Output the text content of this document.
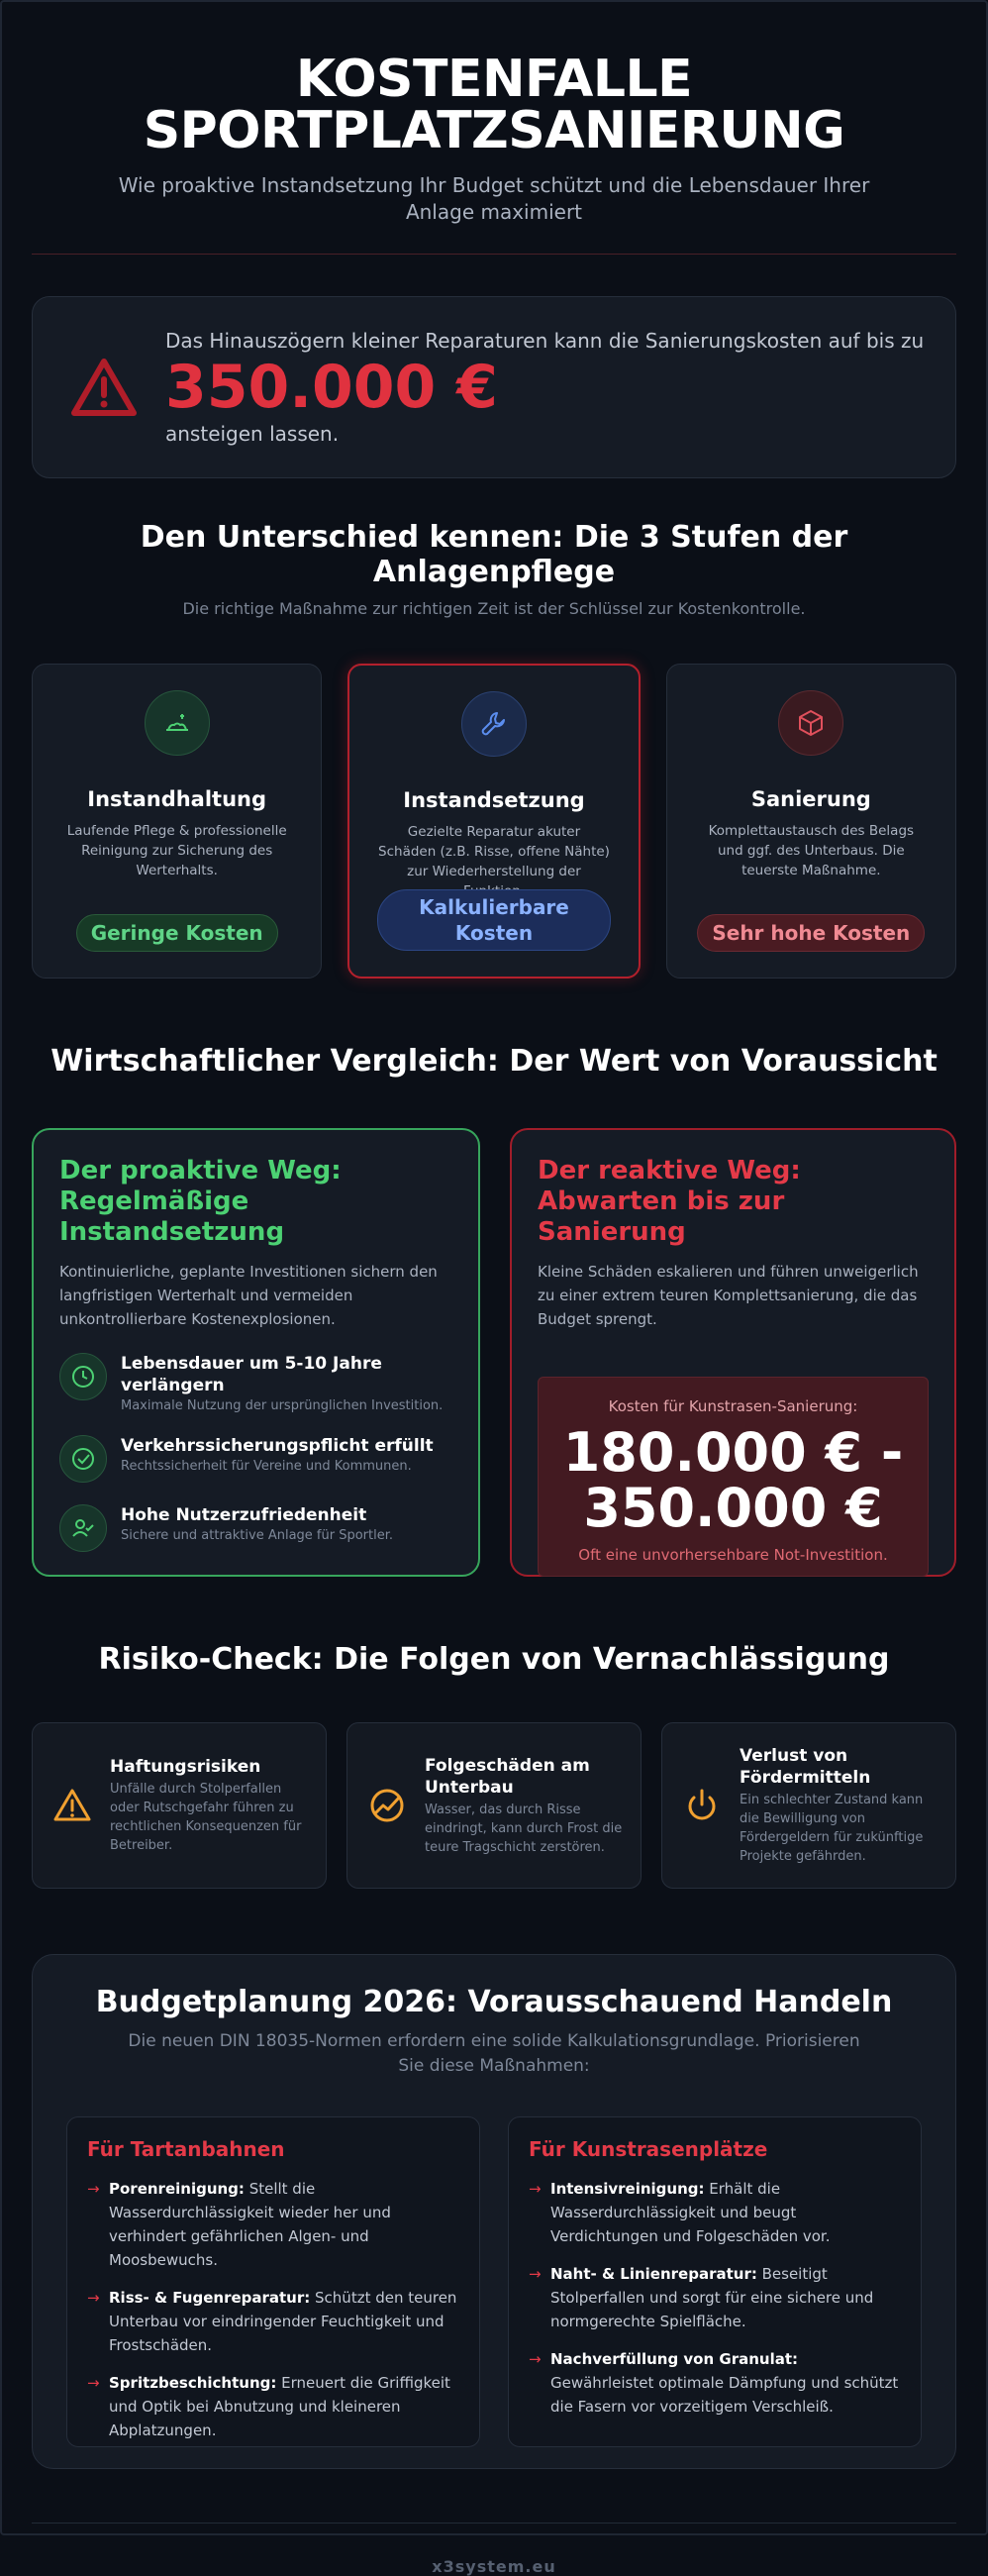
KOSTENFALLE
SPORTPLATZSANIERUNG
Wie proaktive Instandsetzung Ihr Budget schützt und die Lebensdauer Ihrer Anlage maximiert
Das Hinauszögern kleiner Reparaturen kann die Sanierungskosten auf bis zu
350.000 €
ansteigen lassen.
Den Unterschied kennen: Die 3 Stufen der Anlagenpflege
Die richtige Maßnahme zur richtigen Zeit ist der Schlüssel zur Kostenkontrolle.
Instandhaltung

Laufende Pflege & professionelle Reinigung zur Sicherung des Werterhalts.

Geringe Kosten
Instandsetzung

Gezielte Reparatur akuter Schäden (z.B. Risse, offene Nähte) zur Wiederherstellung der

Kalkulierbare Kosten
Sanierung

Komplettaustausch des Belags und ggf. des Unterbaus. Die teuerste Maßnahme.

Sehr hohe Kosten
Wirtschaftlicher Vergleich: Der Wert von Voraussicht
Der proaktive Weg: Regelmäßige Instandsetzung
Kontinuierliche, geplante Investitionen sichern den langfristigen Werterhalt und vermeiden unkontrollierbare Kostenexplosionen.
Lebensdauer um 5-10 Jahre verlängern
Maximale Nutzung der ursprünglichen Investition.
Verkehrssicherungspflicht erfüllt
Rechtssicherheit für Vereine und Kommunen.
Hohe Nutzerzufriedenheit
Sichere und attraktive Anlage für Sportler.
Der reaktive Weg: Abwarten bis zur Sanierung
Kleine Schäden eskalieren und führen unweigerlich zu einer extrem teuren Komplettsanierung, die das Budget sprengt.
Kosten für Kunstrasen-Sanierung:
180.000 € - 350.000 €
Oft eine unvorhersehbare Not-Investition.
Risiko-Check: Die Folgen von Vernachlässigung
Haftungsrisiken
Unfälle durch Stolperfallen oder Rutschgefahr führen zu rechtlichen Konsequenzen für Betreiber.
Folgeschäden am Unterbau
Wasser, das durch Risse eindringt, kann durch Frost die teure Tragschicht zerstören.
Verlust von Fördermitteln
Ein schlechter Zustand kann die Bewilligung von Fördergeldern für zukünftige Projekte gefährden.
Budgetplanung 2026: Vorausschauend Handeln
Die neuen DIN 18035-Normen erfordern eine solide Kalkulationsgrundlage. Priorisieren Sie diese Maßnahmen:
Für Tartanbahnen
→ Porenreinigung: Stellt die Wasserdurchlässigkeit wieder her und verhindert gefährlichen Algen- und Moosbewuchs.
→ Riss- & Fugenreparatur: Schützt den teuren Unterbau vor eindringender Feuchtigkeit und Frostschäden.
→ Spritzbeschichtung: Erneuert die Griffigkeit und Optik bei Abnutzung und kleineren Abplatzungen.
Für Kunstrasenplätze
→ Intensivreinigung: Erhält die Wasserdurchlässigkeit und beugt Verdichtungen und Folgeschäden vor.
→ Naht- & Linienreparatur: Beseitigt Stolperfallen und sorgt für eine sichere und normgerechte Spielfläche.
→ Nachverfüllung von Granulat: Gewährleistet optimale Dämpfung und schützt die Fasern vor vorzeitigem Verschleiß.
x3system.eu
